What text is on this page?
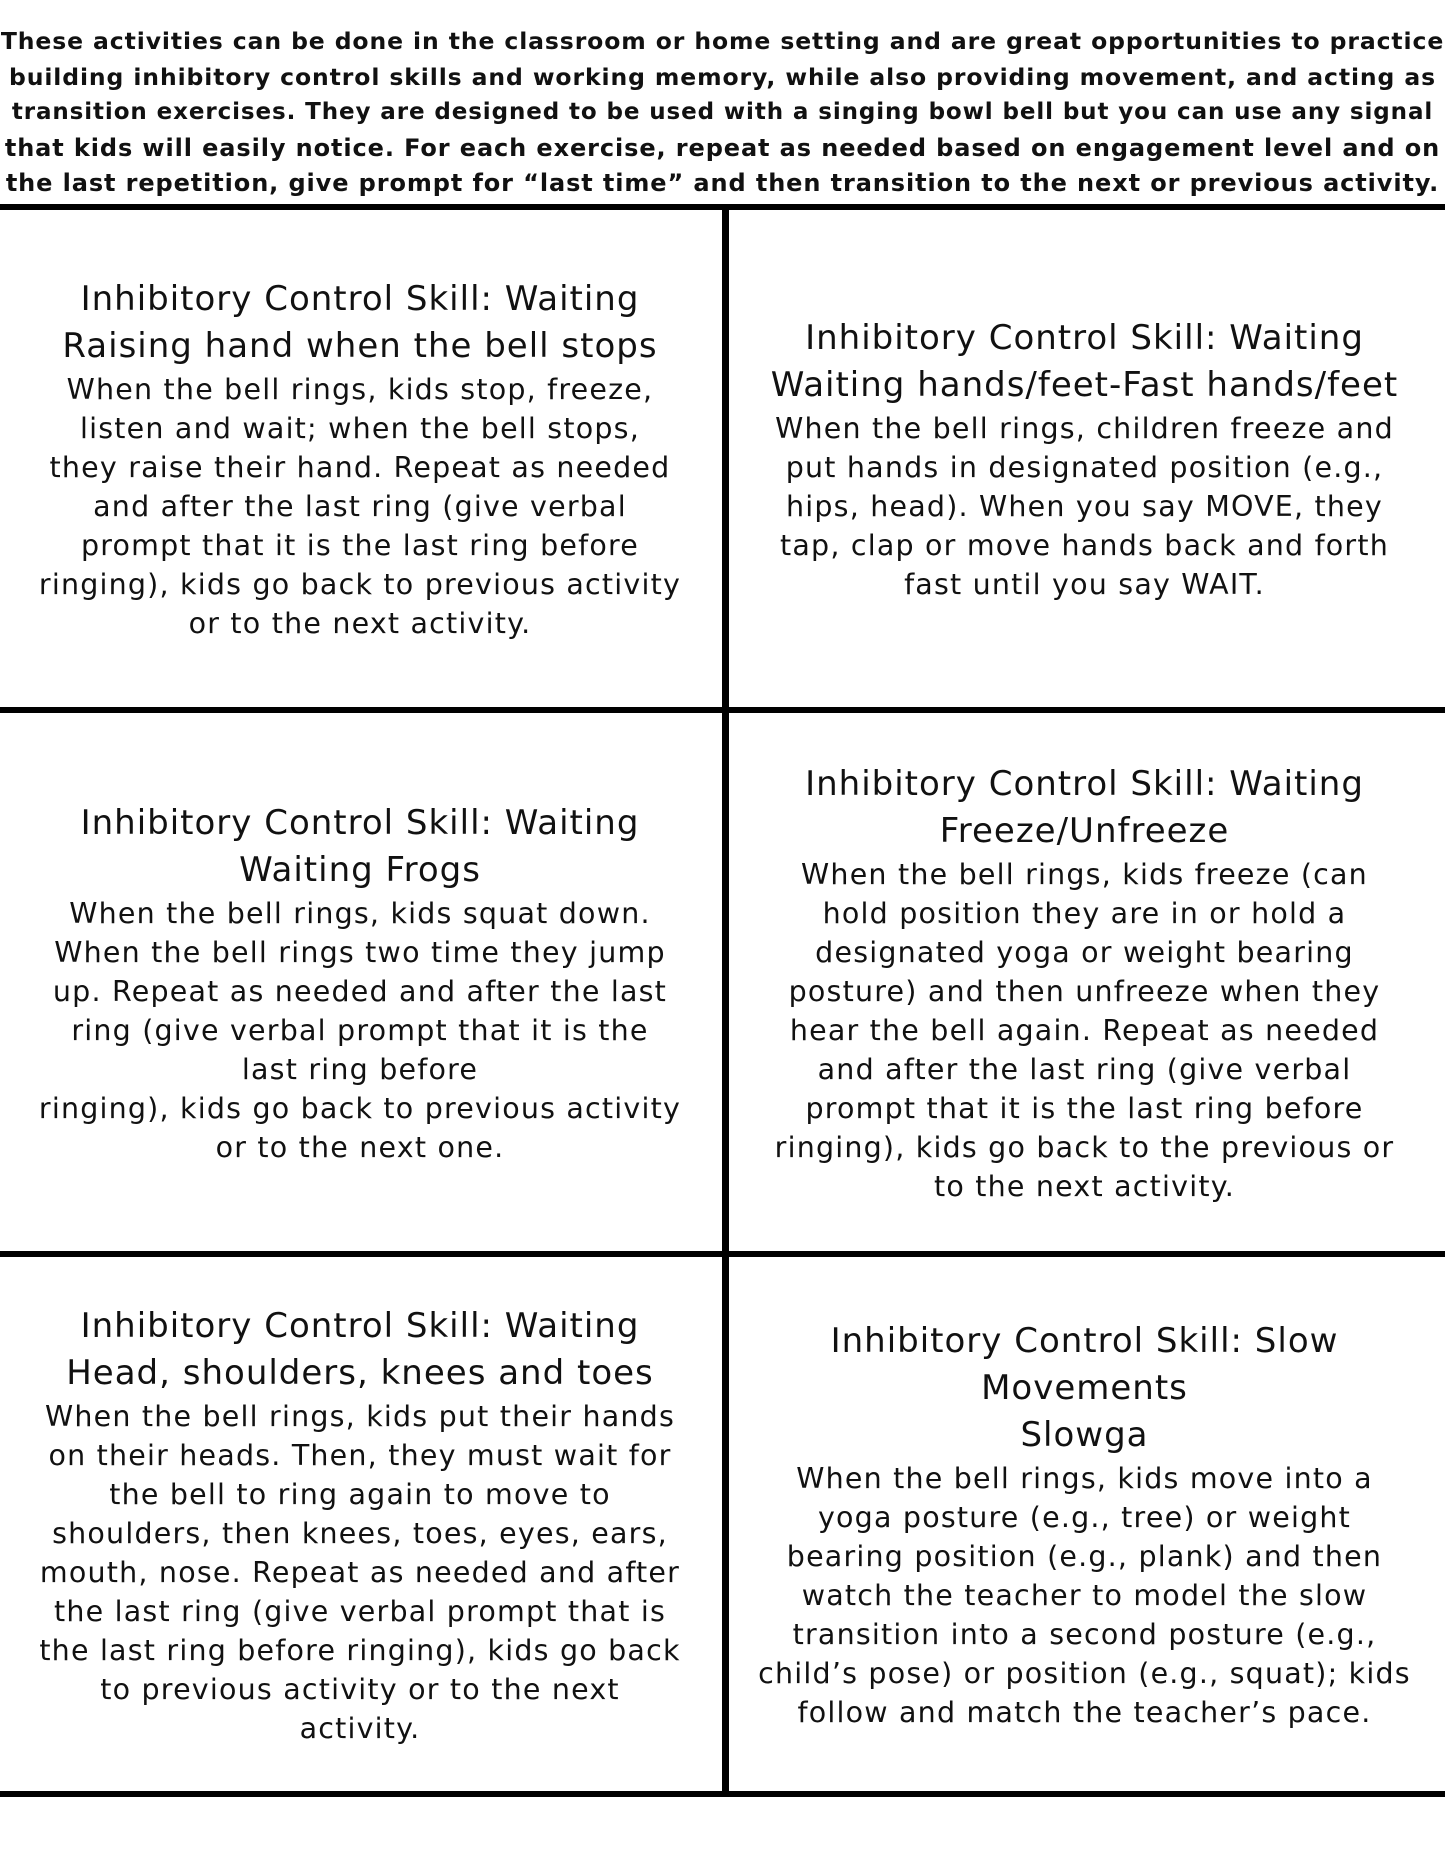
These activities can be done in the classroom or home setting and are great opportunities to practice
building inhibitory control skills and working memory, while also providing movement, and acting as
transition exercises. They are designed to be used with a singing bowl bell but you can use any signal
that kids will easily notice. For each exercise, repeat as needed based on engagement level and on
the last repetition, give prompt for “last time” and then transition to the next or previous activity.
Inhibitory Control Skill: Waiting
Raising hand when the bell stops
When the bell rings, kids stop, freeze,
listen and wait; when the bell stops,
they raise their hand. Repeat as needed
and after the last ring (give verbal
prompt that it is the last ring before
ringing), kids go back to previous activity
or to the next activity.
Inhibitory Control Skill: Waiting
Waiting hands/feet-Fast hands/feet
When the bell rings, children freeze and
put hands in designated position (e.g.,
hips, head). When you say MOVE, they
tap, clap or move hands back and forth
fast until you say WAIT.
Inhibitory Control Skill: Waiting
Waiting Frogs
When the bell rings, kids squat down.
When the bell rings two time they jump
up. Repeat as needed and after the last
ring (give verbal prompt that it is the
last ring before
ringing), kids go back to previous activity
or to the next one.
Inhibitory Control Skill: Waiting
Freeze/Unfreeze
When the bell rings, kids freeze (can
hold position they are in or hold a
designated yoga or weight bearing
posture) and then unfreeze when they
hear the bell again. Repeat as needed
and after the last ring (give verbal
prompt that it is the last ring before
ringing), kids go back to the previous or
to the next activity.
Inhibitory Control Skill: Waiting
Head, shoulders, knees and toes
When the bell rings, kids put their hands
on their heads. Then, they must wait for
the bell to ring again to move to
shoulders, then knees, toes, eyes, ears,
mouth, nose. Repeat as needed and after
the last ring (give verbal prompt that is
the last ring before ringing), kids go back
to previous activity or to the next
activity.
Inhibitory Control Skill: Slow
Movements
Slowga
When the bell rings, kids move into a
yoga posture (e.g., tree) or weight
bearing position (e.g., plank) and then
watch the teacher to model the slow
transition into a second posture (e.g.,
child’s pose) or position (e.g., squat); kids
follow and match the teacher’s pace.
